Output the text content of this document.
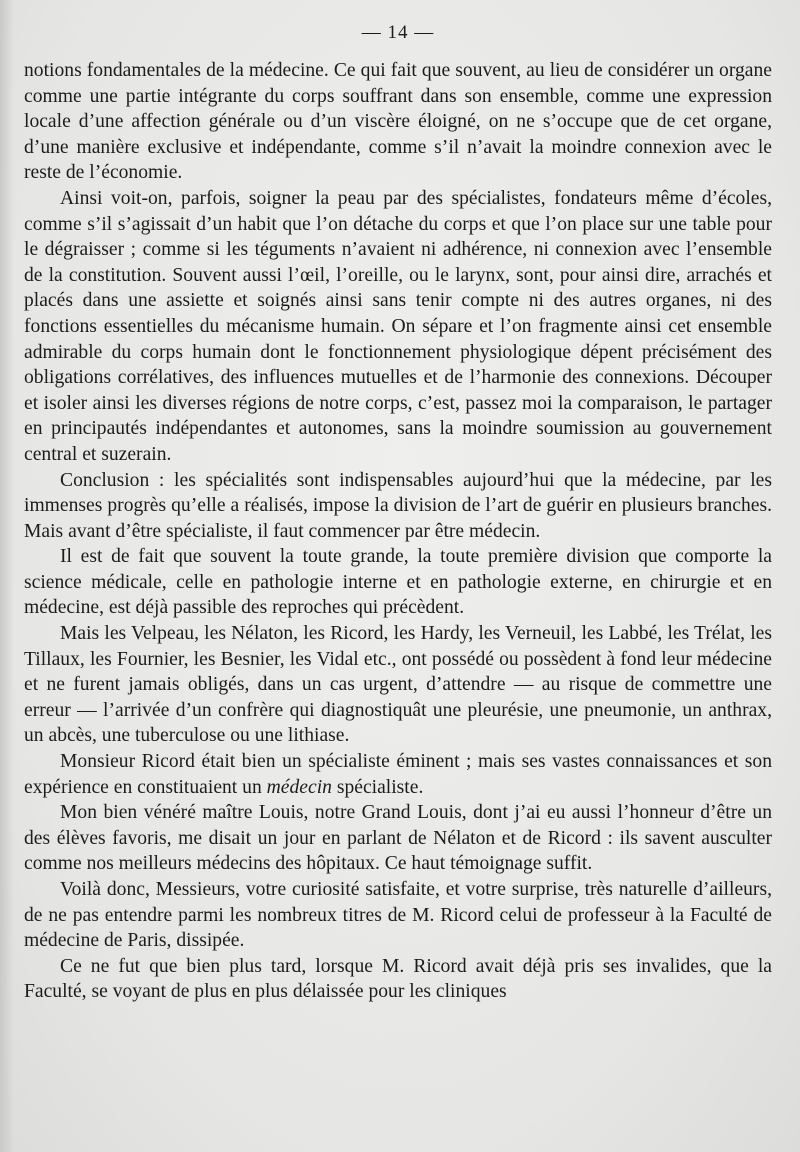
— 14 —

notions fondamentales de la médecine. Ce qui fait que souvent, au lieu de considérer un organe comme une partie intégrante du corps souffrant dans son ensemble, comme une expression locale d’une affection générale ou d’un viscère éloigné, on ne s’occupe que de cet organe, d’une manière exclusive et indépendante, comme s’il n’avait la moindre connexion avec le reste de l’économie.

Ainsi voit-on, parfois, soigner la peau par des spécialistes, fondateurs même d’écoles, comme s’il s’agissait d’un habit que l’on détache du corps et que l’on place sur une table pour le dégraisser ; comme si les téguments n’avaient ni adhérence, ni connexion avec l’ensemble de la constitution. Souvent aussi l’œil, l’oreille, ou le larynx, sont, pour ainsi dire, arrachés et placés dans une assiette et soignés ainsi sans tenir compte ni des autres organes, ni des fonctions essentielles du mécanisme humain. On sépare et l’on fragmente ainsi cet ensemble admirable du corps humain dont le fonctionnement physiologique dépent précisément des obligations corrélatives, des influences mutuelles et de l’harmonie des connexions. Découper et isoler ainsi les diverses régions de notre corps, c’est, passez moi la comparaison, le partager en principautés indépendantes et autonomes, sans la moindre soumission au gouvernement central et suzerain.

Conclusion : les spécialités sont indispensables aujourd’hui que la médecine, par les immenses progrès qu’elle a réalisés, impose la division de l’art de guérir en plusieurs branches. Mais avant d’être spécialiste, il faut commencer par être médecin.

Il est de fait que souvent la toute grande, la toute première division que comporte la science médicale, celle en pathologie interne et en pathologie externe, en chirurgie et en médecine, est déjà passible des reproches qui précèdent.

Mais les Velpeau, les Nélaton, les Ricord, les Hardy, les Verneuil, les Labbé, les Trélat, les Tillaux, les Fournier, les Besnier, les Vidal etc., ont possédé ou possèdent à fond leur médecine et ne furent jamais obligés, dans un cas urgent, d’attendre — au risque de commettre une erreur — l’arrivée d’un confrère qui diagnostiquât une pleurésie, une pneumonie, un anthrax, un abcès, une tuberculose ou une lithiase.

Monsieur Ricord était bien un spécialiste éminent ; mais ses vastes connaissances et son expérience en constituaient un médecin spécialiste.

Mon bien vénéré maître Louis, notre Grand Louis, dont j’ai eu aussi l’honneur d’être un des élèves favoris, me disait un jour en parlant de Nélaton et de Ricord : ils savent ausculter comme nos meilleurs médecins des hôpitaux. Ce haut témoignage suffit.

Voilà donc, Messieurs, votre curiosité satisfaite, et votre surprise, très naturelle d’ailleurs, de ne pas entendre parmi les nombreux titres de M. Ricord celui de professeur à la Faculté de médecine de Paris, dissipée.

Ce ne fut que bien plus tard, lorsque M. Ricord avait déjà pris ses invalides, que la Faculté, se voyant de plus en plus délaissée pour les cliniques
